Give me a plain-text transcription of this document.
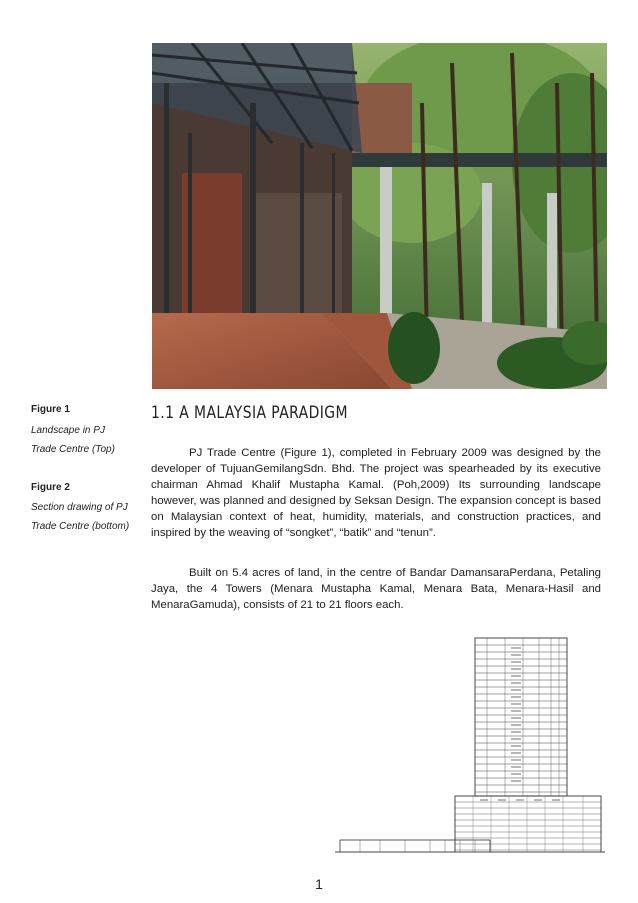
Figure 1
Landscape in PJ
Trade Centre (Top)
Figure 2
Section drawing of PJ
Trade Centre (bottom)
1.1 A MALAYSIA PARADIGM

PJ Trade Centre (Figure 1), completed in February 2009 was designed by the developer of TujuanGemilangSdn. Bhd. The project was spearheaded by its executive chairman Ahmad Khalif Mustapha Kamal. (Poh,2009) Its surrounding landscape however, was planned and designed by Seksan Design. The expansion concept is based on Malaysian context of heat, humidity, materials, and construction practices, and inspired by the weaving of “songket”, “batik” and “tenun”.

Built on 5.4 acres of land, in the centre of Bandar DamansaraPerdana, Petaling Jaya, the 4 Towers (Menara Mustapha Kamal, Menara Bata, Menara-Hasil and MenaraGamuda), consists of 21 to 21 floors each.

1
